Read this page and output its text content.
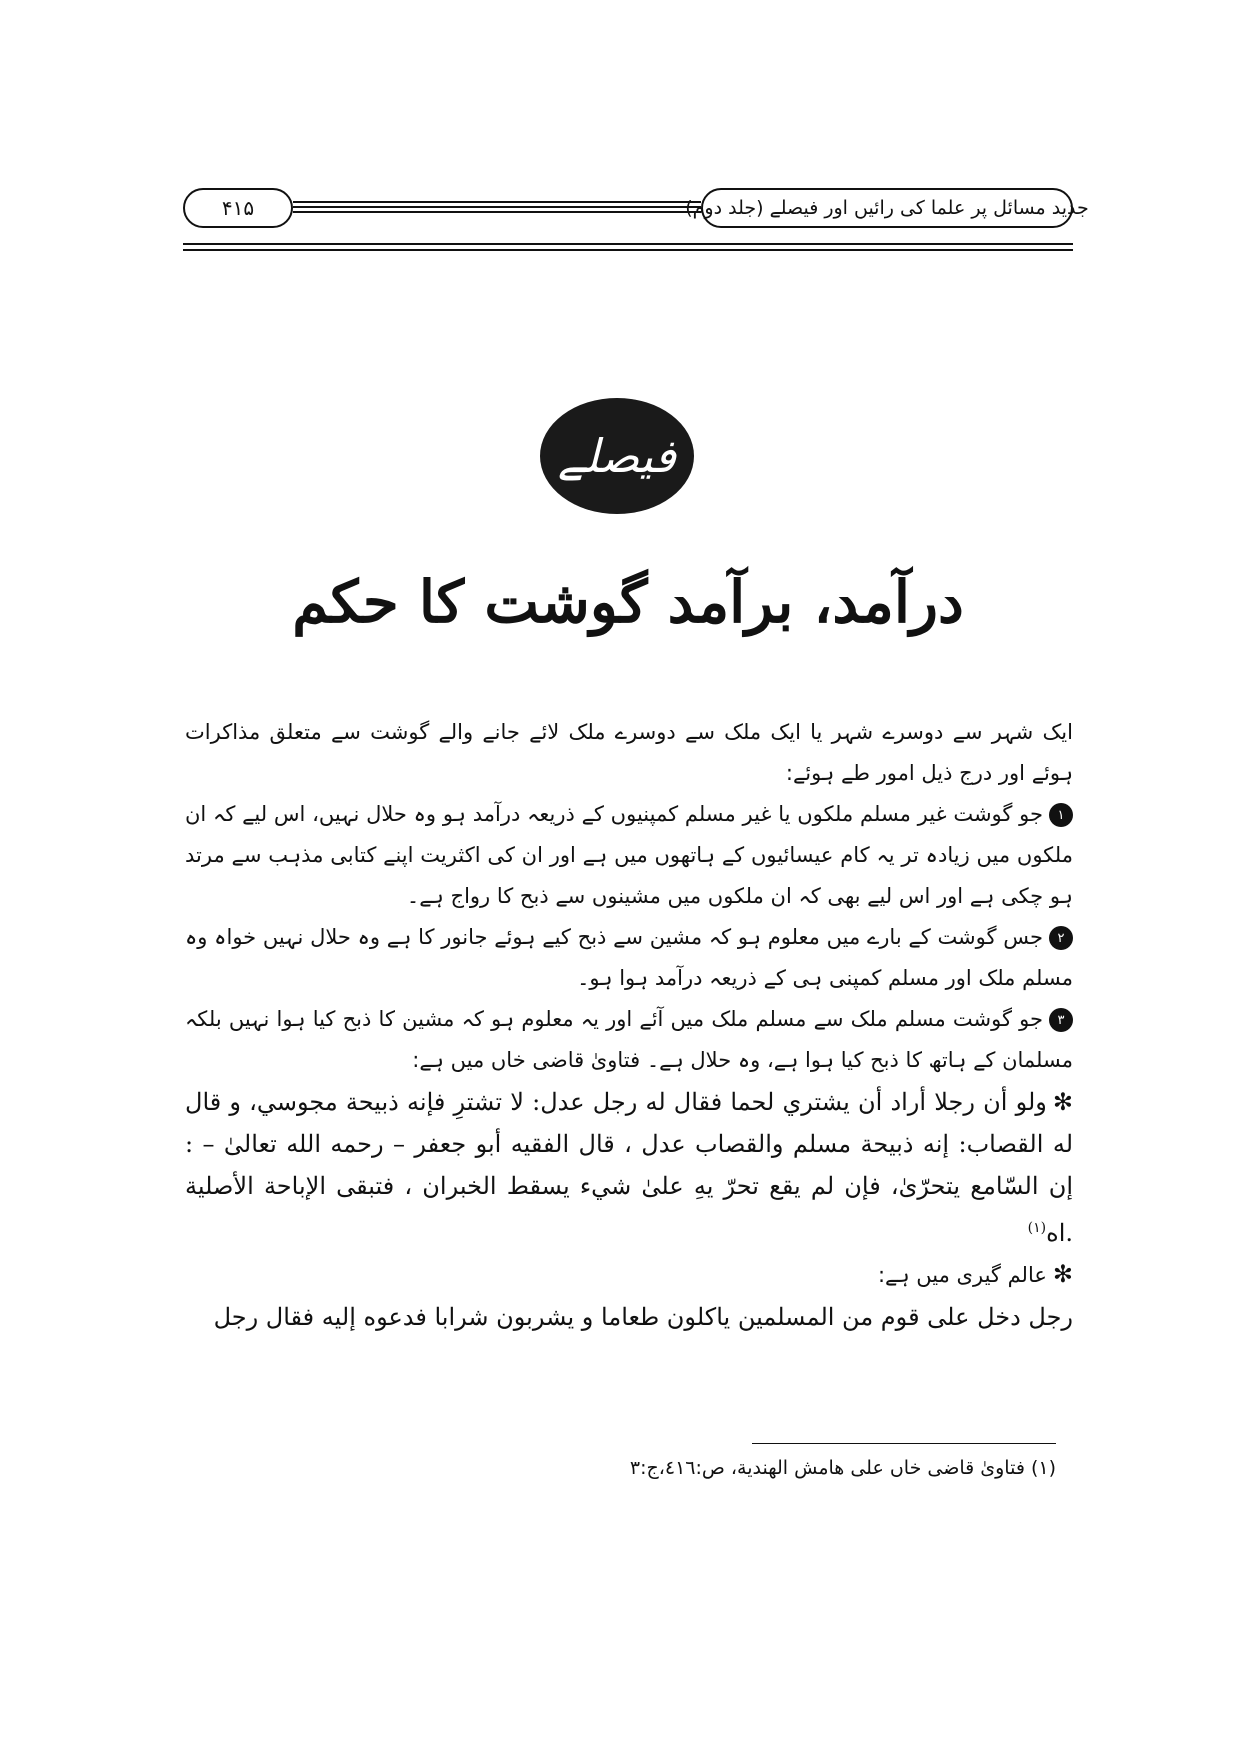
۴۱۵	جدید مسائل پر علما کی رائیں اور فیصلے (جلد دوم)
فیصلے
درآمد، برآمد گوشت کا حکم

ایک شہر سے دوسرے شہر یا ایک ملک سے دوسرے ملک لائے جانے والے گوشت سے متعلق مذاکرات ہوئے اور درج ذیل امور طے ہوئے:

۱جو گوشت غیر مسلم ملکوں یا غیر مسلم کمپنیوں کے ذریعہ درآمد ہو وہ حلال نہیں، اس لیے کہ ان ملکوں میں زیادہ تر یہ کام عیسائیوں کے ہاتھوں میں ہے اور ان کی اکثریت اپنے کتابی مذہب سے مرتد ہو چکی ہے اور اس لیے بھی کہ ان ملکوں میں مشینوں سے ذبح کا رواج ہے۔

۲جس گوشت کے بارے میں معلوم ہو کہ مشین سے ذبح کیے ہوئے جانور کا ہے وہ حلال نہیں خواہ وہ مسلم ملک اور مسلم کمپنی ہی کے ذریعہ درآمد ہوا ہو۔

۳جو گوشت مسلم ملک سے مسلم ملک میں آئے اور یہ معلوم ہو کہ مشین کا ذبح کیا ہوا نہیں بلکہ مسلمان کے ہاتھ کا ذبح کیا ہوا ہے، وہ حلال ہے۔ فتاویٰ قاضی خاں میں ہے:

✻ولو أن رجلا أراد أن يشتري لحما فقال له رجل عدل: لا تشترِ فإنه ذبيحة مجوسي، و قال له القصاب: إنه ذبيحة مسلم والقصاب عدل ، قال الفقيه أبو جعفر – رحمه الله تعالىٰ – : إن السّامع يتحرّىٰ، فإن لم يقع تحرّ يهِ علىٰ شيء يسقط الخبران ، فتبقى الإباحة الأصلية .اه$^{(۱)}$

✻عالم گیری میں ہے:

رجل دخل على قوم من المسلمين ياكلون طعاما و يشربون شرابا فدعوه إليه فقال رجل

(۱) فتاویٰ قاضی خاں علی ھامش الھندیة، ص:٤١٦،ج:٣
